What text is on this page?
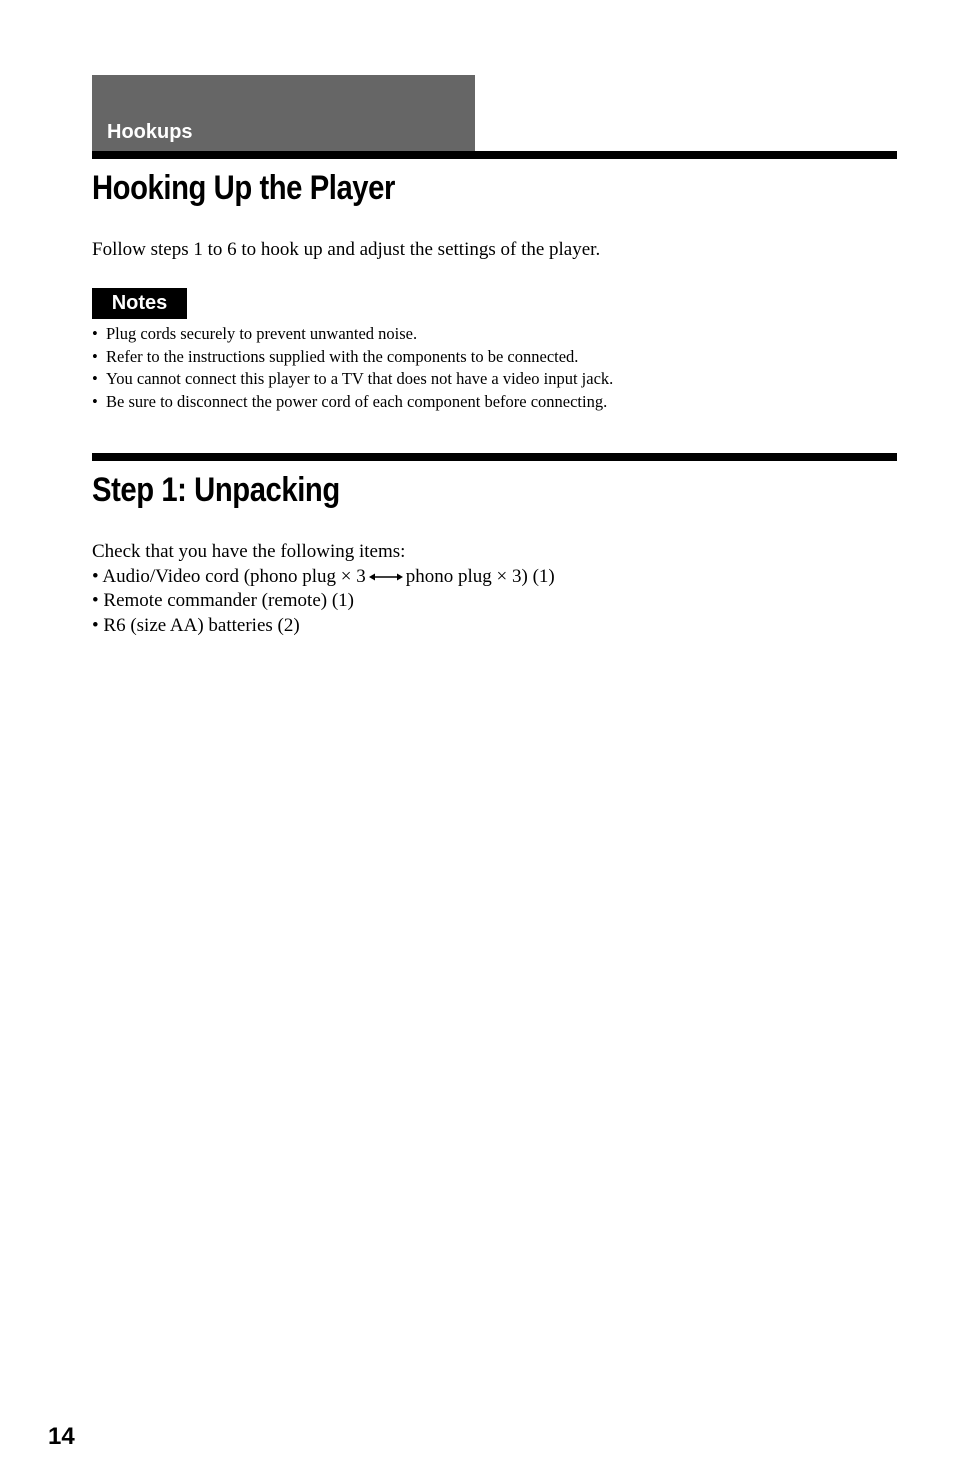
Hookups
Hooking Up the Player
Follow steps 1 to 6 to hook up and adjust the settings of the player.
Notes
• Plug cords securely to prevent unwanted noise.
• Refer to the instructions supplied with the components to be connected.
• You cannot connect this player to a TV that does not have a video input jack.
• Be sure to disconnect the power cord of each component before connecting.
Step 1: Unpacking
Check that you have the following items:
• Audio/Video cord (phono plug × 3 phono plug × 3) (1)
• Remote commander (remote) (1)
• R6 (size AA) batteries (2)
14
